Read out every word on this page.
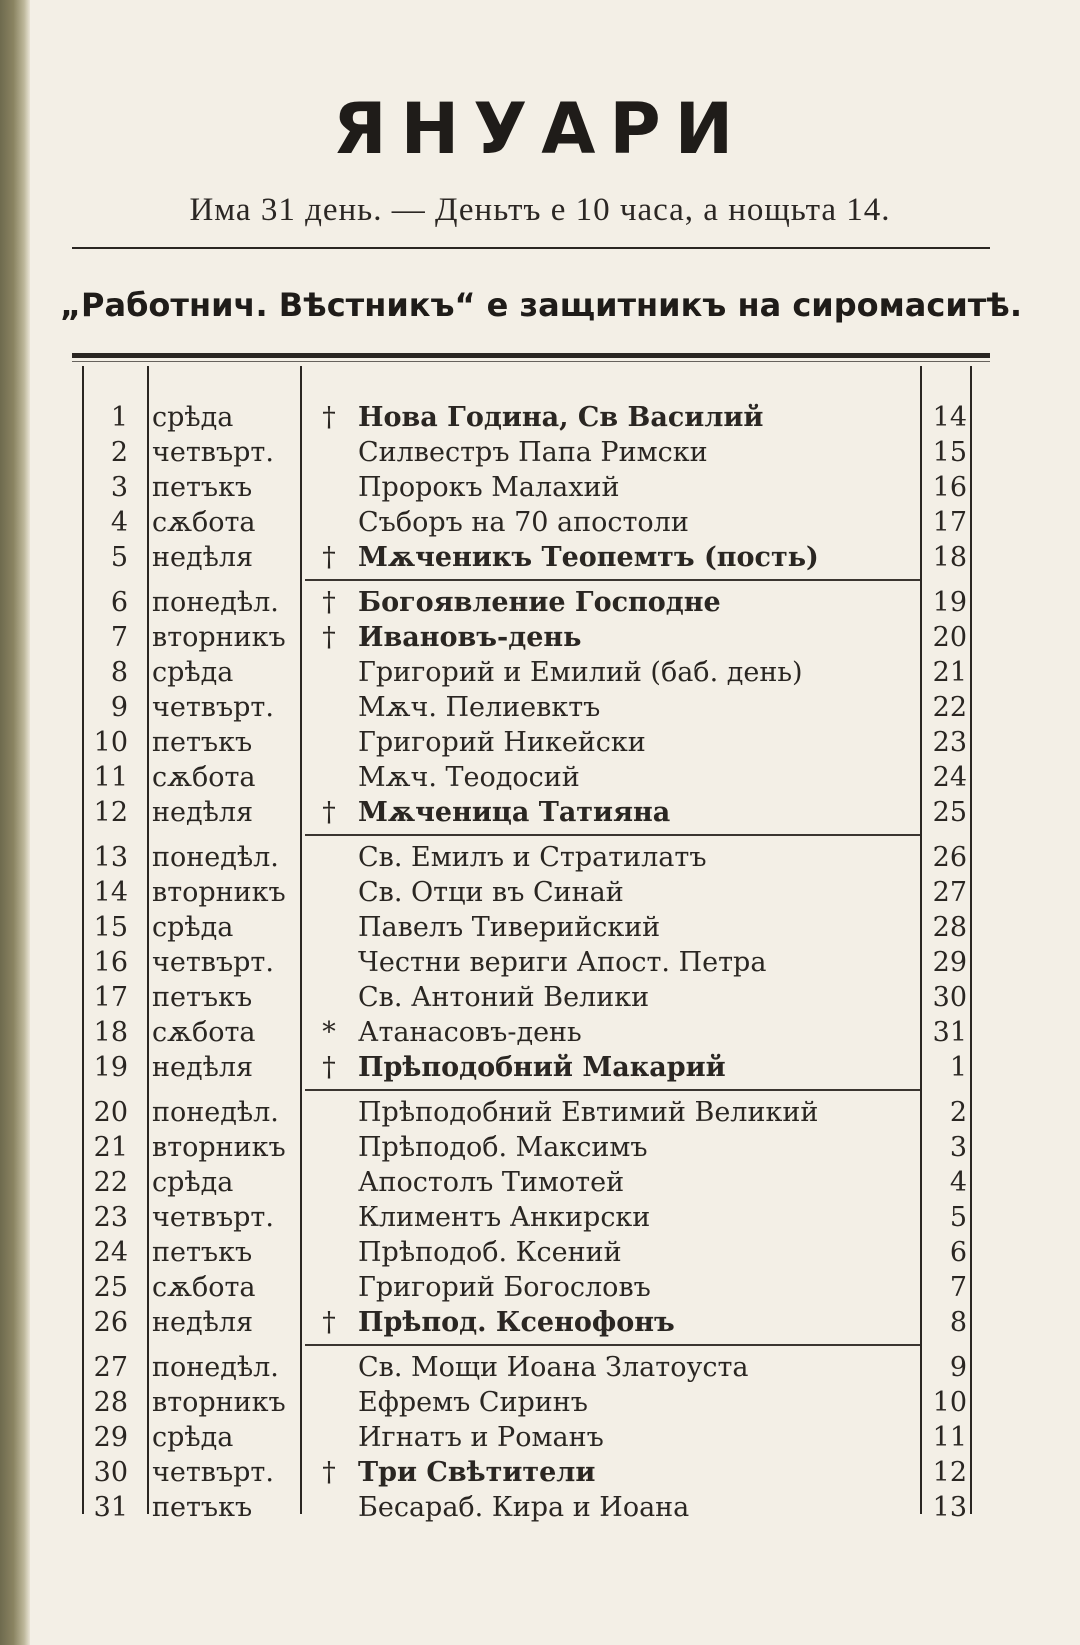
ЯНУАРИ
Има 31 день. — Деньтъ е 10 часа, а нощьта 14.
„Работнич. Вѣстникъ“ е защитникъ на сиромаситѣ.
1 срѣда	† Нова Година, Св Василий	14
2 четвърт.	Силвестръ Папа Римски	15
3 петъкъ	Пророкъ Малахий	16
4 сѫбота	Съборъ на 70 апостоли	17
5 недѣля	† Мѫченикъ Теопемтъ (пость)	18
6 понедѣл. † Богоявление Господне	19
7 вторникъ † Ивановъ-день	20
8 срѣда	Григорий и Емилий (баб. день)	21
9 четвърт.	Мѫч. Пелиевктъ	22
10 петъкъ	Григорий Никейски	23
11 сѫбота	Мѫч. Теодосий	24
12 недѣля	† Мѫченица Татияна	25
13 понедѣл.	Св. Емилъ и Стратилатъ	26
14 вторникъ	Св. Отци въ Синай	27
15 срѣда	Павелъ Тиверийский	28
16 четвърт.	Честни вериги Апост. Петра	29
17 петъкъ	Св. Антоний Велики	30
18 сѫбота * Атанасовъ-день	31
19 недѣля	† Прѣподобний Макарий	1
20 понедѣл.	Прѣподобний Евтимий Великий	2
21 вторникъ	Прѣподоб. Максимъ	3
22 срѣда	Апостолъ Тимотей	4
23 четвърт.	Климентъ Анкирски	5
24 петъкъ	Прѣподоб. Ксений	6
25 сѫбота	Григорий Богословъ	7
26 недѣля	† Прѣпод. Ксенофонъ	8
27 понедѣл.	Св. Мощи Иоана Златоуста	9
28 вторникъ	Ефремъ Сиринъ	10
29 срѣда	Игнатъ и Романъ	11
30 четвърт. † Три Свѣтители	12
31 петъкъ	Бесараб. Кира и Иоана	13
